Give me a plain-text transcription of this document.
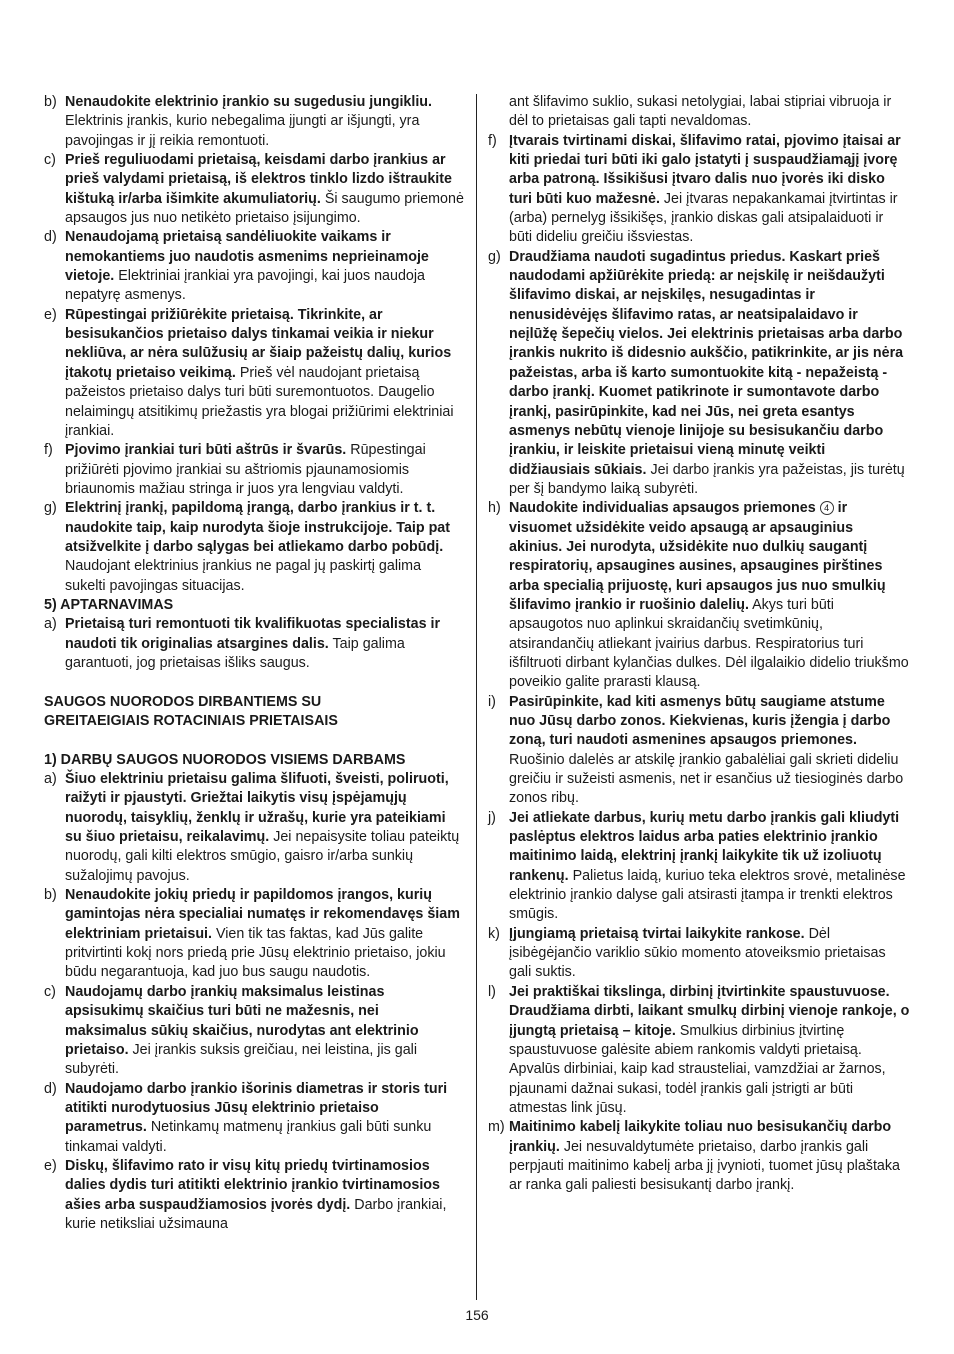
b) Nenaudokite elektrinio įrankio su sugedusiu jungikliu. Elektrinis įrankis, kurio nebegalima įjungti ar išjungti, yra pavojingas ir jį reikia remontuoti.
c) Prieš reguliuodami prietaisą, keisdami darbo įrankius ar prieš valydami prietaisą, iš elektros tinklo lizdo ištraukite kištuką ir/arba išimkite akumuliatorių. Ši saugumo priemonė apsaugos jus nuo netikėto prietaiso įsijungimo.
d) Nenaudojamą prietaisą sandėliuokite vaikams ir nemokantiems juo naudotis asmenims neprieinamoje vietoje. Elektriniai įrankiai yra pavojingi, kai juos naudoja nepatyrę asmenys.
e) Rūpestingai prižiūrėkite prietaisą. Tikrinkite, ar besisukančios prietaiso dalys tinkamai veikia ir niekur nekliūva, ar nėra sulūžusių ar šiaip pažeistų dalių, kurios įtakotų prietaiso veikimą. Prieš vėl naudojant prietaisą pažeistos prietaiso dalys turi būti suremontuotos. Daugelio nelaimingų atsitikimų priežastis yra blogai prižiūrimi elektriniai įrankiai.
f) Pjovimo įrankiai turi būti aštrūs ir švarūs. Rūpestingai prižiūrėti pjovimo įrankiai su aštriomis pjaunamosiomis briaunomis mažiau stringa ir juos yra lengviau valdyti.
g) Elektrinį įrankį, papildomą įrangą, darbo įrankius ir t. t. naudokite taip, kaip nurodyta šioje instrukcijoje. Taip pat atsižvelkite į darbo sąlygas bei atliekamo darbo pobūdį. Naudojant elektrinius įrankius ne pagal jų paskirtį galima sukelti pavojingas situacijas.
5) APTARNAVIMAS
a) Prietaisą turi remontuoti tik kvalifikuotas specialistas ir naudoti tik originalias atsargines dalis. Taip galima garantuoti, jog prietaisas išliks saugus.
SAUGOS NUORODOS DIRBANTIEMS SU
GREITAEIGIAIS ROTACINIAIS PRIETAISAIS
1) DARBŲ SAUGOS NUORODOS VISIEMS DARBAMS
a) Šiuo elektriniu prietaisu galima šlifuoti, šveisti, poliruoti, raižyti ir pjaustyti. Griežtai laikytis visų įspėjamųjų nuorodų, taisyklių, ženklų ir užrašų, kurie yra pateikiami su šiuo prietaisu, reikalavimų. Jei nepaisysite toliau pateiktų nuorodų, gali kilti elektros smūgio, gaisro ir/arba sunkių sužalojimų pavojus.
b) Nenaudokite jokių priedų ir papildomos įrangos, kurių gamintojas nėra specialiai numatęs ir rekomendavęs šiam elektriniam prietaisui. Vien tik tas faktas, kad Jūs galite pritvirtinti kokį nors priedą prie Jūsų elektrinio prietaiso, jokiu būdu negarantuoja, kad juo bus saugu naudotis.
c) Naudojamų darbo įrankių maksimalus leistinas apsisukimų skaičius turi būti ne mažesnis, nei maksimalus sūkių skaičius, nurodytas ant elektrinio prietaiso. Jei įrankis suksis greičiau, nei leistina, jis gali subyrėti.
d) Naudojamo darbo įrankio išorinis diametras ir storis turi atitikti nurodytuosius Jūsų elektrinio prietaiso parametrus. Netinkamų matmenų įrankius gali būti sunku tinkamai valdyti.
e) Diskų, šlifavimo rato ir visų kitų priedų tvirtinamosios dalies dydis turi atitikti elektrinio įrankio tvirtinamosios ašies arba suspaudžiamosios įvorės dydį. Darbo įrankiai, kurie netiksliai užsimauna
ant šlifavimo suklio, sukasi netolygiai, labai stipriai vibruoja ir dėl to prietaisas gali tapti nevaldomas.
f) Įtvarais tvirtinami diskai, šlifavimo ratai, pjovimo įtaisai ar kiti priedai turi būti iki galo įstatyti į suspaudžiamąjį įvorę arba patroną. Išsikišusi įtvaro dalis nuo įvorės iki disko turi būti kuo mažesnė. Jei įtvaras nepakankamai įtvirtintas ir (arba) pernelyg išsikišęs, įrankio diskas gali atsipalaiduoti ir būti dideliu greičiu išsviestas.
g) Draudžiama naudoti sugadintus priedus. Kaskart prieš naudodami apžiūrėkite priedą: ar neįskilę ir neišdaužyti šlifavimo diskai, ar neįskilęs, nesugadintas ir nenusidėvėjęs šlifavimo ratas, ar neatsipalaidavo ir neįlūžę šepečių vielos. Jei elektrinis prietaisas arba darbo įrankis nukrito iš didesnio aukščio, patikrinkite, ar jis nėra pažeistas, arba iš karto sumontuokite kitą - nepažeistą - darbo įrankį. Kuomet patikrinote ir sumontavote darbo įrankį, pasirūpinkite, kad nei Jūs, nei greta esantys asmenys nebūtų vienoje linijoje su besisukančiu darbo įrankiu, ir leiskite prietaisui vieną minutę veikti didžiausiais sūkiais. Jei darbo įrankis yra pažeistas, jis turėtų per šį bandymo laiką subyrėti.
h) Naudokite individualias apsaugos priemones 4 ir visuomet užsidėkite veido apsaugą ar apsauginius akinius. Jei nurodyta, užsidėkite nuo dulkių saugantį respiratorių, apsaugines ausines, apsaugines pirštines arba specialią prijuostę, kuri apsaugos jus nuo smulkių šlifavimo įrankio ir ruošinio dalelių. Akys turi būti apsaugotos nuo aplinkui skraidančių svetimkūnių, atsirandančių atliekant įvairius darbus. Respiratorius turi išfiltruoti dirbant kylančias dulkes. Dėl ilgalaikio didelio triukšmo poveikio galite prarasti klausą.
i) Pasirūpinkite, kad kiti asmenys būtų saugiame atstume nuo Jūsų darbo zonos. Kiekvienas, kuris įžengia į darbo zoną, turi naudoti asmenines apsaugos priemones. Ruošinio dalelės ar atskilę įrankio gabalėliai gali skrieti dideliu greičiu ir sužeisti asmenis, net ir esančius už tiesioginės darbo zonos ribų.
j) Jei atliekate darbus, kurių metu darbo įrankis gali kliudyti paslėptus elektros laidus arba paties elektrinio įrankio maitinimo laidą, elektrinį įrankį laikykite tik už izoliuotų rankenų. Palietus laidą, kuriuo teka elektros srovė, metalinėse elektrinio įrankio dalyse gali atsirasti įtampa ir trenkti elektros smūgis.
k) Įjungiamą prietaisą tvirtai laikykite rankose. Dėl įsibėgėjančio variklio sūkio momento atoveiksmio prietaisas gali suktis.
l) Jei praktiškai tikslinga, dirbinį įtvirtinkite spaustuvuose. Draudžiama dirbti, laikant smulkų dirbinį vienoje rankoje, o įjungtą prietaisą – kitoje. Smulkius dirbinius įtvirtinę spaustuvuose galėsite abiem rankomis valdyti prietaisą. Apvalūs dirbiniai, kaip kad strausteliai, vamzdžiai ar žarnos, pjaunami dažnai sukasi, todėl įrankis gali įstrigti ar būti atmestas link jūsų.
m) Maitinimo kabelį laikykite toliau nuo besisukančių darbo įrankių. Jei nesuvaldytumėte prietaiso, darbo įrankis gali perpjauti maitinimo kabelį arba jį įvynioti, tuomet jūsų plaštaka ar ranka gali paliesti besisukantį darbo įrankį.
156
